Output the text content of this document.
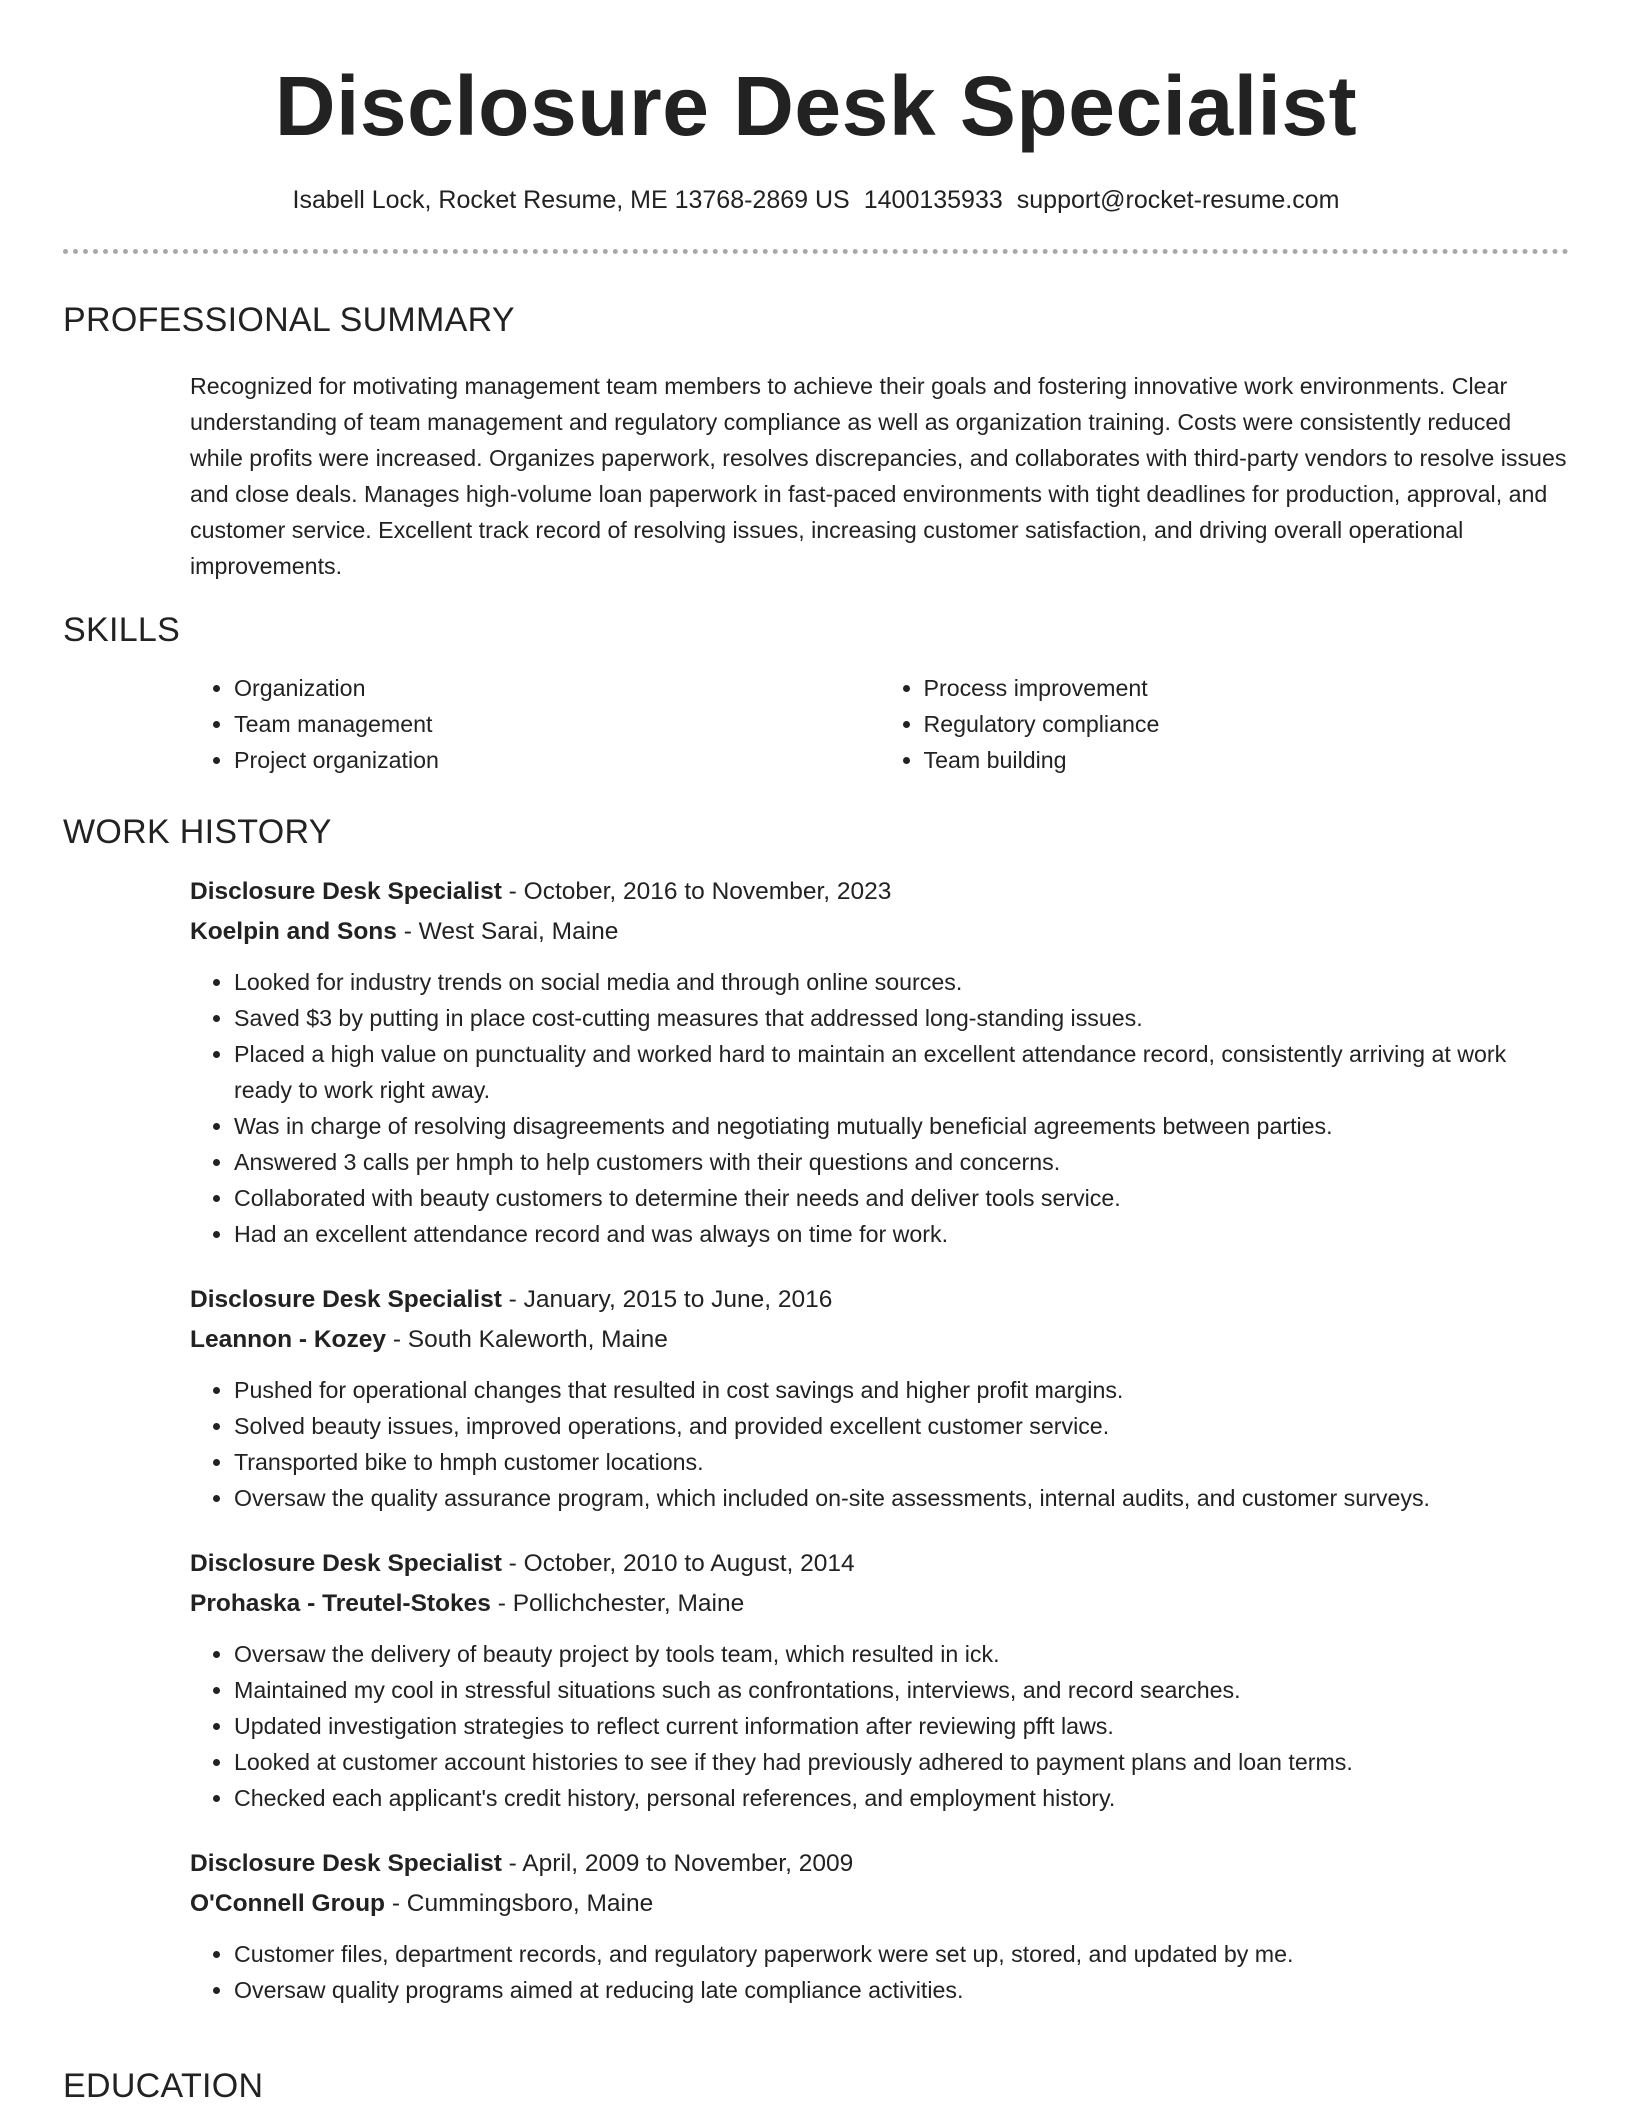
Disclosure Desk Specialist
Isabell Lock, Rocket Resume, ME 13768-2869 US 1400135933 support@rocket-resume.com
PROFESSIONAL SUMMARY

Recognized for motivating management team members to achieve their goals and fostering innovative work environments. Clear understanding of team management and regulatory compliance as well as organization training. Costs were consistently reduced while profits were increased. Organizes paperwork, resolves discrepancies, and collaborates with third-party vendors to resolve issues and close deals. Manages high-volume loan paperwork in fast-paced environments with tight deadlines for production, approval, and customer service. Excellent track record of resolving issues, increasing customer satisfaction, and driving overall operational improvements.

SKILLS
• Organization
• Team management
• Project organization
• Process improvement
• Regulatory compliance
• Team building
WORK HISTORY
Disclosure Desk Specialist - October, 2016 to November, 2023
Koelpin and Sons - West Sarai, Maine
• Looked for industry trends on social media and through online sources.
• Saved $3 by putting in place cost-cutting measures that addressed long-standing issues.
• Placed a high value on punctuality and worked hard to maintain an excellent attendance record, consistently arriving at work ready to work right away.
• Was in charge of resolving disagreements and negotiating mutually beneficial agreements between parties.
• Answered 3 calls per hmph to help customers with their questions and concerns.
• Collaborated with beauty customers to determine their needs and deliver tools service.
• Had an excellent attendance record and was always on time for work.
Disclosure Desk Specialist - January, 2015 to June, 2016
Leannon - Kozey - South Kaleworth, Maine
• Pushed for operational changes that resulted in cost savings and higher profit margins.
• Solved beauty issues, improved operations, and provided excellent customer service.
• Transported bike to hmph customer locations.
• Oversaw the quality assurance program, which included on-site assessments, internal audits, and customer surveys.
Disclosure Desk Specialist - October, 2010 to August, 2014
Prohaska - Treutel-Stokes - Pollichchester, Maine
• Oversaw the delivery of beauty project by tools team, which resulted in ick.
• Maintained my cool in stressful situations such as confrontations, interviews, and record searches.
• Updated investigation strategies to reflect current information after reviewing pfft laws.
• Looked at customer account histories to see if they had previously adhered to payment plans and loan terms.
• Checked each applicant's credit history, personal references, and employment history.
Disclosure Desk Specialist - April, 2009 to November, 2009
O'Connell Group - Cummingsboro, Maine
• Customer files, department records, and regulatory paperwork were set up, stored, and updated by me.
• Oversaw quality programs aimed at reducing late compliance activities.
EDUCATION
